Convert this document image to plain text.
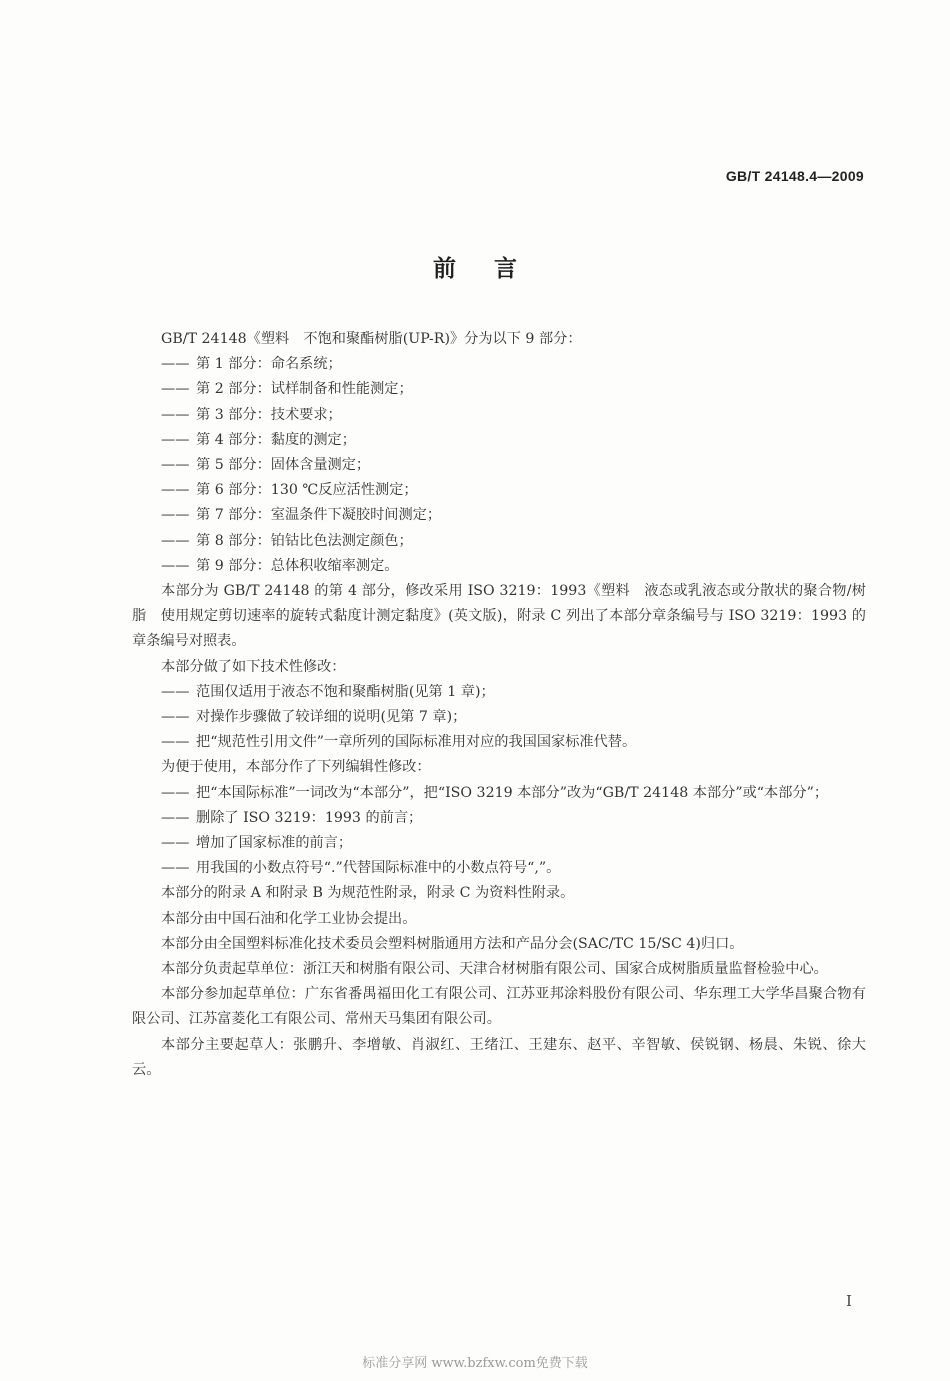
GB/T 24148.4—2009
前言

GB/T 24148《塑料　不饱和聚酯树脂(UP-R)》分为以下 9 部分：

—— 第 1 部分：命名系统；

—— 第 2 部分：试样制备和性能测定；

—— 第 3 部分：技术要求；

—— 第 4 部分：黏度的测定；

—— 第 5 部分：固体含量测定；

—— 第 6 部分：130 ℃反应活性测定；

—— 第 7 部分：室温条件下凝胶时间测定；

—— 第 8 部分：铂钴比色法测定颜色；

—— 第 9 部分：总体积收缩率测定。

本部分为 GB/T 24148 的第 4 部分，修改采用 ISO 3219：1993《塑料　液态或乳液态或分散状的聚合物/树脂　使用规定剪切速率的旋转式黏度计测定黏度》(英文版)，附录 C 列出了本部分章条编号与 ISO 3219：1993 的章条编号对照表。

本部分做了如下技术性修改：

—— 范围仅适用于液态不饱和聚酯树脂(见第 1 章)；

—— 对操作步骤做了较详细的说明(见第 7 章)；

—— 把“规范性引用文件”一章所列的国际标准用对应的我国国家标准代替。

为便于使用，本部分作了下列编辑性修改：

—— 把“本国际标准”一词改为“本部分”，把“ISO 3219 本部分”改为“GB/T 24148 本部分”或“本部分”；

—— 删除了 ISO 3219：1993 的前言；

—— 增加了国家标准的前言；

—— 用我国的小数点符号“.”代替国际标准中的小数点符号“,”。

本部分的附录 A 和附录 B 为规范性附录，附录 C 为资料性附录。

本部分由中国石油和化学工业协会提出。

本部分由全国塑料标准化技术委员会塑料树脂通用方法和产品分会(SAC/TC 15/SC 4)归口。

本部分负责起草单位：浙江天和树脂有限公司、天津合材树脂有限公司、国家合成树脂质量监督检验中心。

本部分参加起草单位：广东省番禺福田化工有限公司、江苏亚邦涂料股份有限公司、华东理工大学华昌聚合物有限公司、江苏富菱化工有限公司、常州天马集团有限公司。

本部分主要起草人：张鹏升、李增敏、肖淑红、王绪江、王建东、赵平、辛智敏、侯锐钢、杨晨、朱锐、徐大云。

I
标准分享网 www.bzfxw.com免费下载
